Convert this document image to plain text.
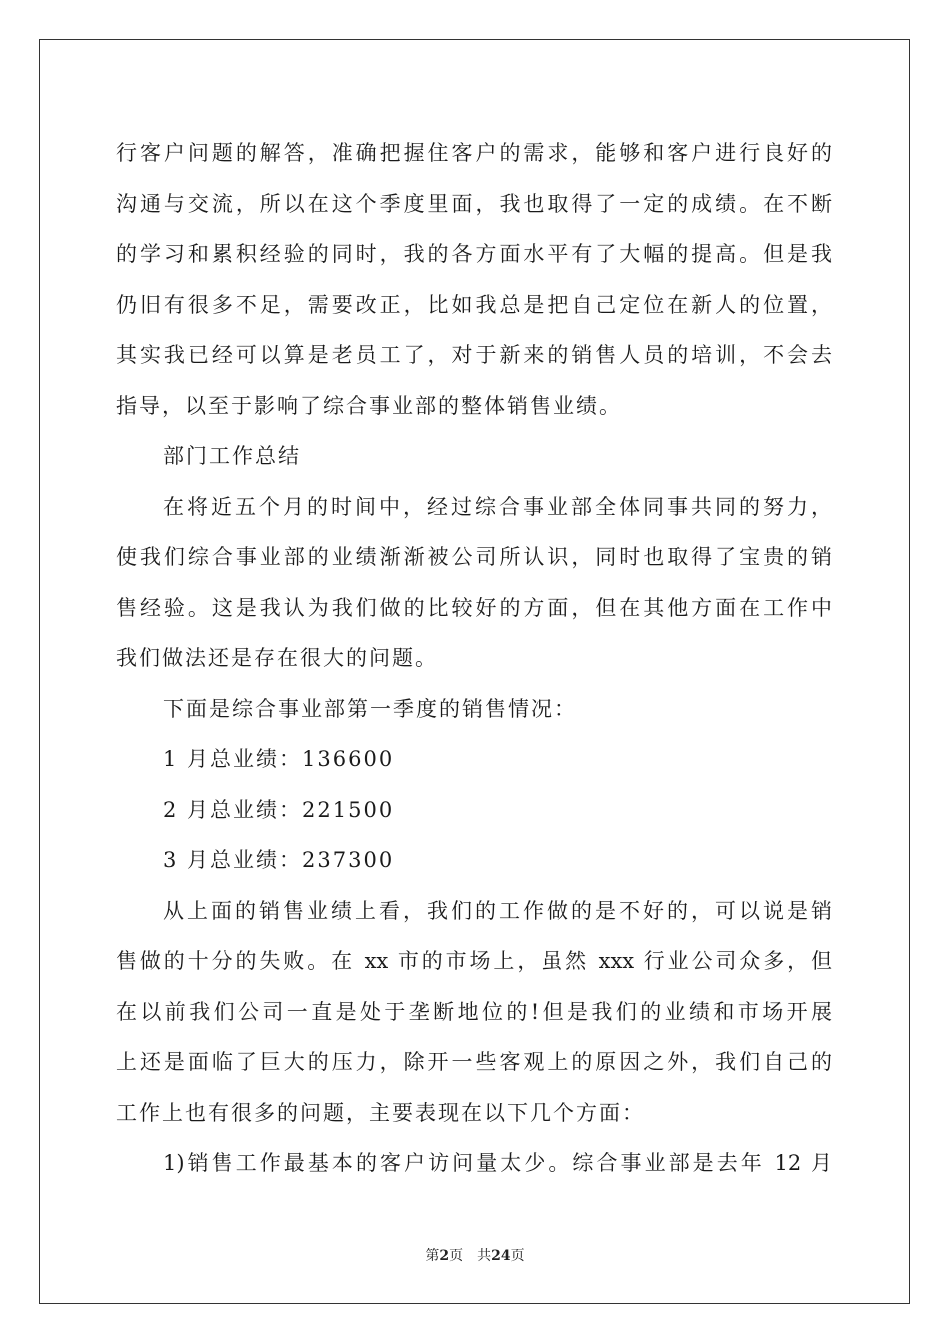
行客户问题的解答，准确把握住客户的需求，能够和客户进行良好的
沟通与交流，所以在这个季度里面，我也取得了一定的成绩。在不断
的学习和累积经验的同时，我的各方面水平有了大幅的提高。但是我
仍旧有很多不足，需要改正，比如我总是把自己定位在新人的位置，
其实我已经可以算是老员工了，对于新来的销售人员的培训，不会去
指导，以至于影响了综合事业部的整体销售业绩。
部门工作总结
在将近五个月的时间中，经过综合事业部全体同事共同的努力，
使我们综合事业部的业绩渐渐被公司所认识，同时也取得了宝贵的销
售经验。这是我认为我们做的比较好的方面，但在其他方面在工作中
我们做法还是存在很大的问题。
下面是综合事业部第一季度的销售情况：
1 月总业绩：136600
2 月总业绩：221500
3 月总业绩：237300
从上面的销售业绩上看，我们的工作做的是不好的，可以说是销
售做的十分的失败。在 xx 市的市场上，虽然 xxx 行业公司众多，但
在以前我们公司一直是处于垄断地位的!但是我们的业绩和市场开展
上还是面临了巨大的压力，除开一些客观上的原因之外，我们自己的
工作上也有很多的问题，主要表现在以下几个方面：
1)销售工作最基本的客户访问量太少。综合事业部是去年 12 月
第2页 共24页
